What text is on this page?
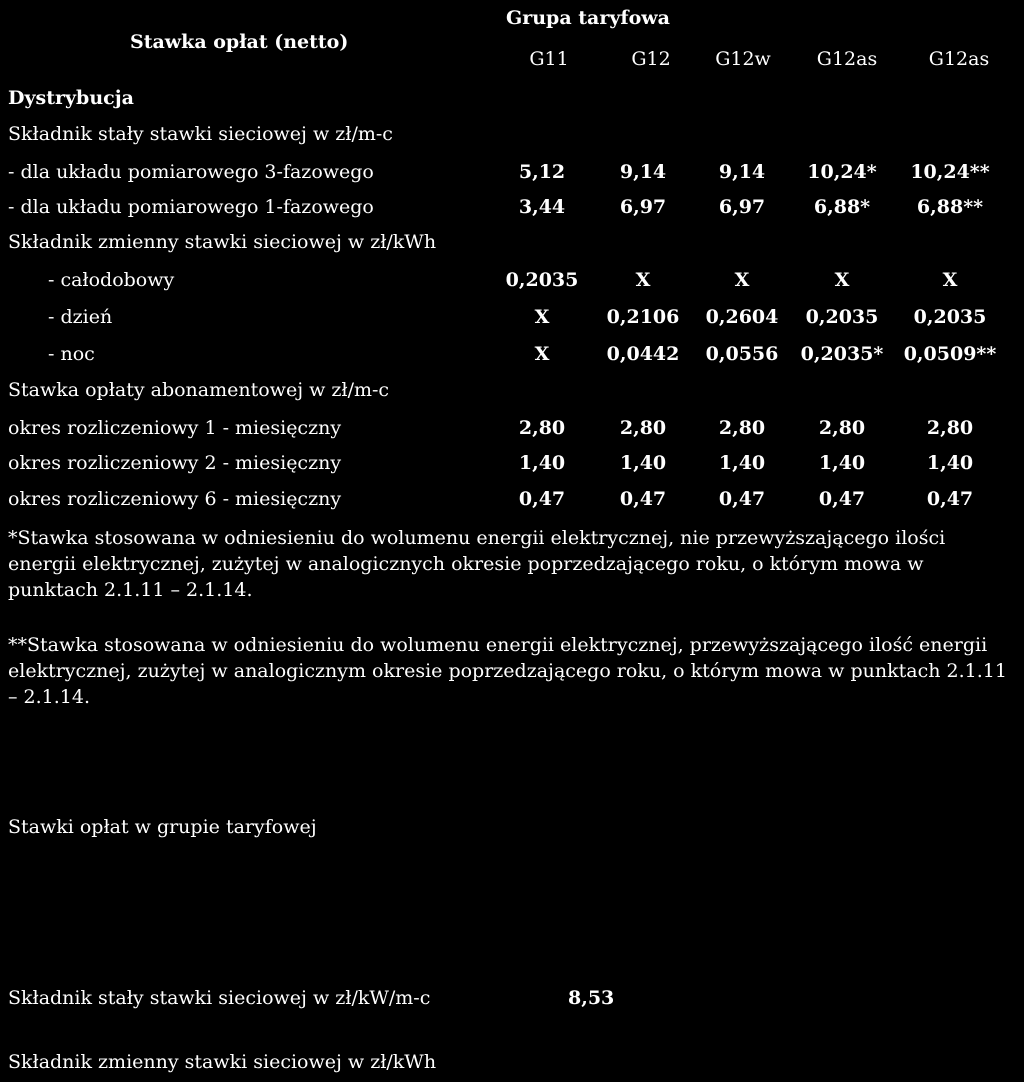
Stawka opłat (netto)
Grupa taryfowa
G11	G12	G12w	G12as	G12as
Dystrybucja
Składnik stały stawki sieciowej w zł/m-c
- dla układu pomiarowego 3-fazowego	5,12	9,14	9,14	10,24*	10,24**
- dla układu pomiarowego 1-fazowego	3,44	6,97	6,97	6,88*	6,88**
Składnik zmienny stawki sieciowej w zł/kWh
- całodobowy	0,2035	X	X	X	X
- dzień	X	0,2106	0,2604	0,2035	0,2035
- noc	X	0,0442	0,0556	0,2035*	0,0509**
Stawka opłaty abonamentowej w zł/m-c
okres rozliczeniowy 1 - miesięczny	2,80	2,80	2,80	2,80	2,80
okres rozliczeniowy 2 - miesięczny	1,40	1,40	1,40	1,40	1,40
okres rozliczeniowy 6 - miesięczny	0,47	0,47	0,47	0,47	0,47
*Stawka stosowana w odniesieniu do wolumenu energii elektrycznej, nie przewyższającego ilości energii elektrycznej, zużytej w analogicznych okresie poprzedzającego roku, o którym mowa w punktach 2.1.11 – 2.1.14.
**Stawka stosowana w odniesieniu do wolumenu energii elektrycznej, przewyższającego ilość energii elektrycznej, zużytej w analogicznym okresie poprzedzającego roku, o którym mowa w punktach 2.1.11 – 2.1.14.
Stawki opłat w grupie taryfowej
Składnik stały stawki sieciowej w zł/kW/m-c	8,53
Składnik zmienny stawki sieciowej w zł/kWh
